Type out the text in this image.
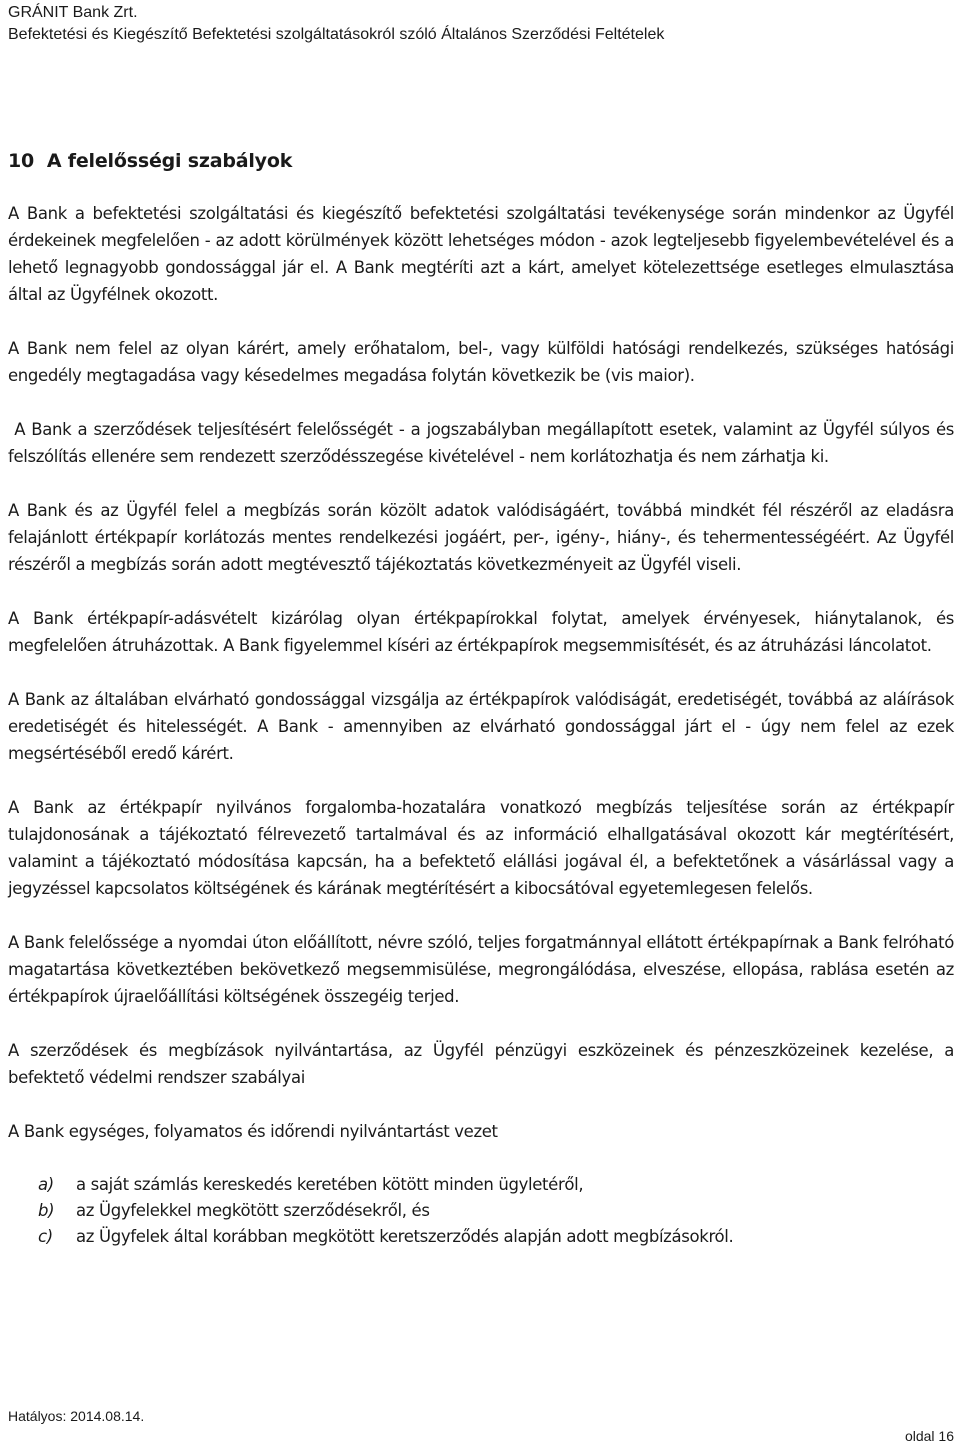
GRÁNIT Bank Zrt.
Befektetési és Kiegészítő Befektetési szolgáltatásokról szóló Általános Szerződési Feltételek
10 A felelősségi szabályok

A Bank a befektetési szolgáltatási és kiegészítő befektetési szolgáltatási tevékenysége során mindenkor az Ügyfél érdekeinek megfelelően - az adott körülmények között lehetséges módon - azok legteljesebb figyelembevételével és a lehető legnagyobb gondossággal jár el. A Bank megtéríti azt a kárt, amelyet kötelezettsége esetleges elmulasztása által az Ügyfélnek okozott.

A Bank nem felel az olyan kárért, amely erőhatalom, bel-, vagy külföldi hatósági rendelkezés, szükséges hatósági engedély megtagadása vagy késedelmes megadása folytán következik be (vis maior).

A Bank a szerződések teljesítésért felelősségét - a jogszabályban megállapított esetek, valamint az Ügyfél súlyos és felszólítás ellenére sem rendezett szerződésszegése kivételével - nem korlátozhatja és nem zárhatja ki.

A Bank és az Ügyfél felel a megbízás során közölt adatok valódiságáért, továbbá mindkét fél részéről az eladásra felajánlott értékpapír korlátozás mentes rendelkezési jogáért, per-, igény-, hiány-, és tehermentességéért. Az Ügyfél részéről a megbízás során adott megtévesztő tájékoztatás következményeit az Ügyfél viseli.

A Bank értékpapír-adásvételt kizárólag olyan értékpapírokkal folytat, amelyek érvényesek, hiánytalanok, és megfelelően átruházottak. A Bank figyelemmel kíséri az értékpapírok megsemmisítését, és az átruházási láncolatot.

A Bank az általában elvárható gondossággal vizsgálja az értékpapírok valódiságát, eredetiségét, továbbá az aláírások eredetiségét és hitelességét. A Bank - amennyiben az elvárható gondossággal járt el - úgy nem felel az ezek megsértéséből eredő kárért.

A Bank az értékpapír nyilvános forgalomba-hozatalára vonatkozó megbízás teljesítése során az értékpapír tulajdonosának a tájékoztató félrevezető tartalmával és az információ elhallgatásával okozott kár megtérítésért, valamint a tájékoztató módosítása kapcsán, ha a befektető elállási jogával él, a befektetőnek a vásárlással vagy a jegyzéssel kapcsolatos költségének és kárának megtérítésért a kibocsátóval egyetemlegesen felelős.

A Bank felelőssége a nyomdai úton előállított, névre szóló, teljes forgatmánnyal ellátott értékpapírnak a Bank felróható magatartása következtében bekövetkező megsemmisülése, megrongálódása, elveszése, ellopása, rablása esetén az értékpapírok újraelőállítási költségének összegéig terjed.

A szerződések és megbízások nyilvántartása, az Ügyfél pénzügyi eszközeinek és pénzeszközeinek kezelése, a befektető védelmi rendszer szabályai

A Bank egységes, folyamatos és időrendi nyilvántartást vezet

a) a saját számlás kereskedés keretében kötött minden ügyletéről,
b) az Ügyfelekkel megkötött szerződésekről, és
c) az Ügyfelek által korábban megkötött keretszerződés alapján adott megbízásokról.
Hatályos: 2014.08.14.
oldal 16
